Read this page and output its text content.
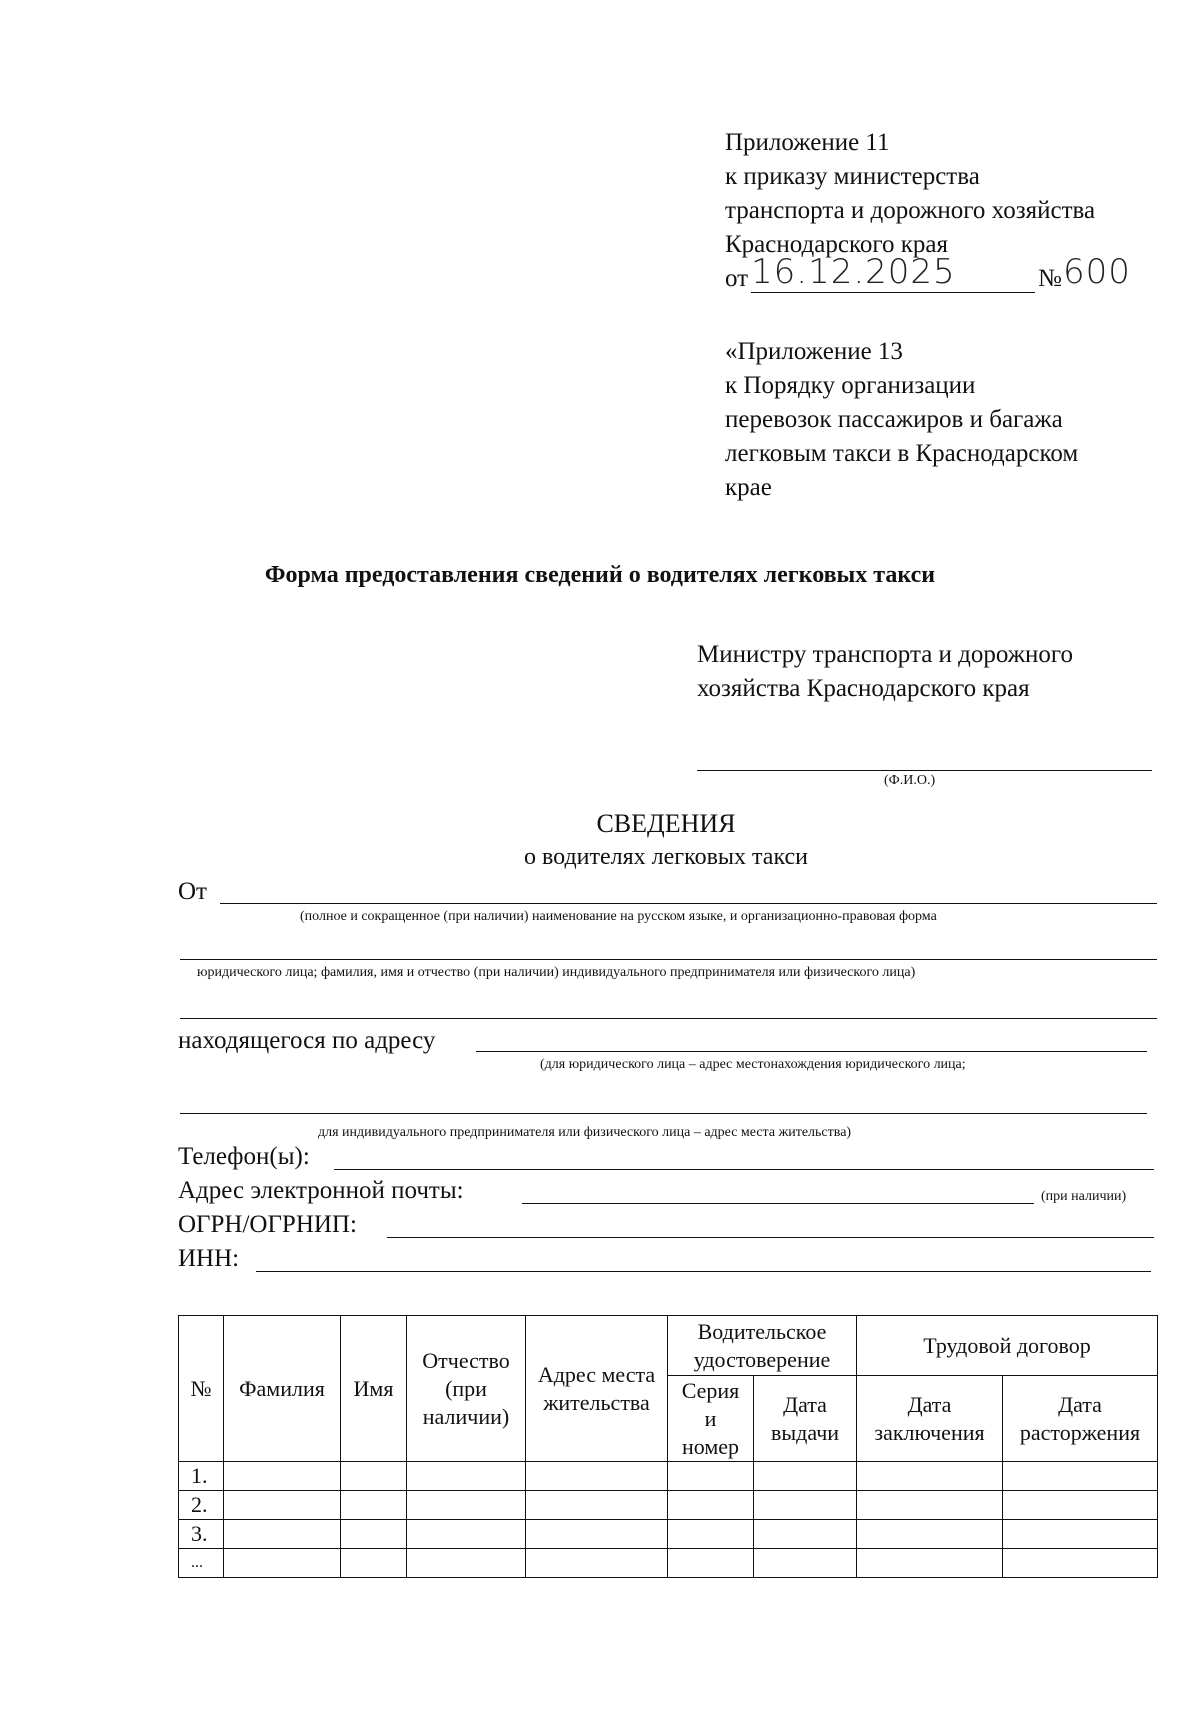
Приложение 11
к приказу министерства
транспорта и дорожного хозяйства
Краснодарского края
от 16.12.2025	№ 600
«Приложение 13
к Порядку организации
перевозок пассажиров и багажа
легковым такси в Краснодарском
крае
Форма предоставления сведений о водителях легковых такси
Министру транспорта и дорожного
хозяйства Краснодарского края
(Ф.И.О.)
СВЕДЕНИЯ
о водителях легковых такси
От
(полное и сокращенное (при наличии) наименование на русском языке, и организационно-правовая форма
юридического лица; фамилия, имя и отчество (при наличии) индивидуального предпринимателя или физического лица)
находящегося по адресу
(для юридического лица – адрес местонахождения юридического лица;
для индивидуального предпринимателя или физического лица – адрес места жительства)
Телефон(ы):
Адрес электронной почты:	(при наличии)
ОГРН/ОГРНИП:
ИНН:
№	Фамилия	Имя	Отчество (при наличии)	Адрес места жительства	Водительское удостоверение		Трудовой договор	
					Серия и номер	Дата выдачи	Дата заключения	Дата расторжения
1.								
2.								
3.								
...								
